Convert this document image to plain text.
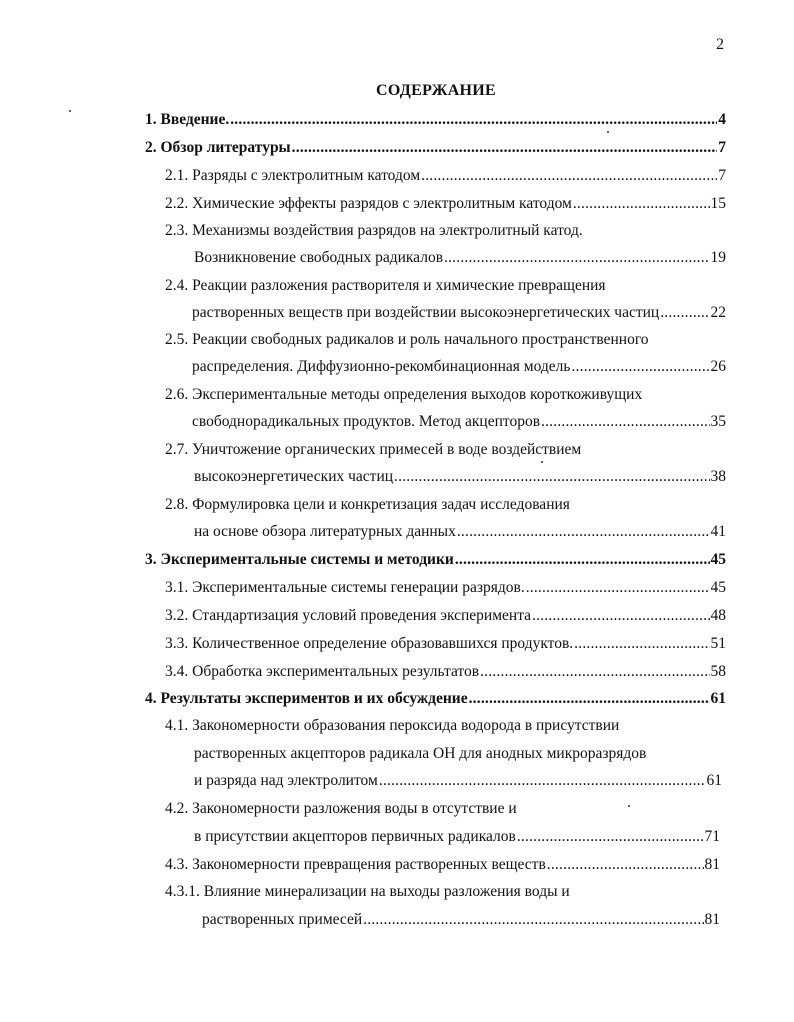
2
СОДЕРЖАНИЕ
1. Введение. .....	4
2. Обзор литературы .....	7
2.1. Разряды с электролитным катодом .....	7
2.2. Химические эффекты разрядов с электролитным катодом .....	15
2.3. Механизмы воздействия разрядов на электролитный катод.
Возникновение свободных радикалов .....	19
2.4. Реакции разложения растворителя и химические превращения
растворенных веществ при воздействии высокоэнергетических частиц .....	22
2.5. Реакции свободных радикалов и роль начального пространственного
распределения. Диффузионно-рекомбинационная модель .....	26
2.6. Экспериментальные методы определения выходов короткоживущих
свободнорадикальных продуктов. Метод акцепторов .....	35
2.7. Уничтожение органических примесей в воде воздействием
высокоэнергетических частиц .....	38
2.8. Формулировка цели и конкретизация задач исследования
на основе обзора литературных данных .....	41
3. Экспериментальные системы и методики .....	45
3.1. Экспериментальные системы генерации разрядов. .....	45
3.2. Стандартизация условий проведения эксперимента .....	48
3.3. Количественное определение образовавшихся продуктов. .....	51
3.4. Обработка экспериментальных результатов .....	58
4. Результаты экспериментов и их обсуждение .....	61
4.1. Закономерности образования пероксида водорода в присутствии
растворенных акцепторов радикала ОН для анодных микроразрядов
и разряда над электролитом .....	61
4.2. Закономерности разложения воды в отсутствие и
в присутствии акцепторов первичных радикалов .....	71
4.3. Закономерности превращения растворенных веществ .....	81
4.3.1. Влияние минерализации на выходы разложения воды и
растворенных примесей .....	81
